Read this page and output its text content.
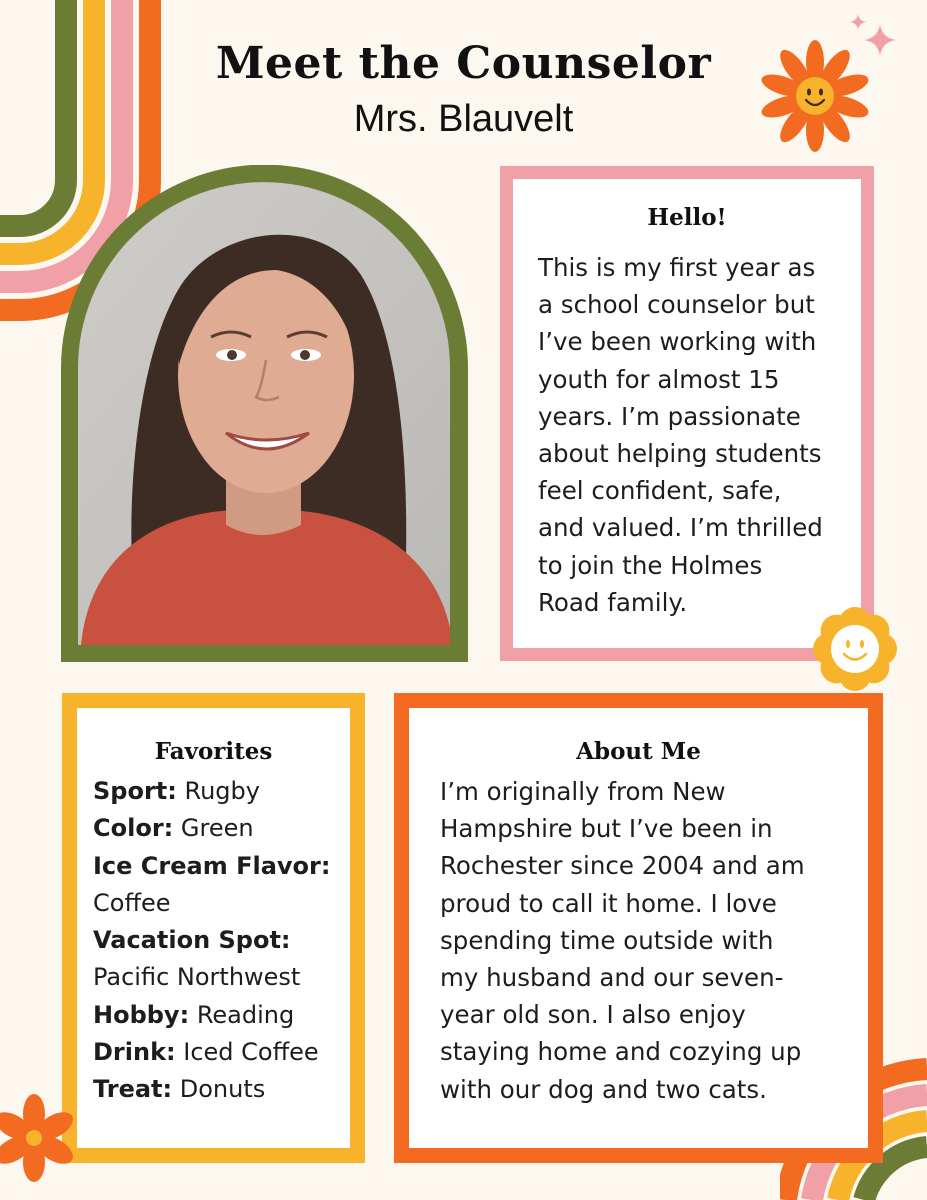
Meet the Counselor
Mrs. Blauvelt
Hello!
This is my first year as
a school counselor but
I’ve been working with
youth for almost 15
years. I’m passionate
about helping students
feel confident, safe,
and valued. I’m thrilled
to join the Holmes
Road family.
Favorites
Sport: Rugby
Color: Green
Ice Cream Flavor:
Coffee
Vacation Spot:
Pacific Northwest
Hobby: Reading
Drink: Iced Coffee
Treat: Donuts
About Me
I’m originally from New
Hampshire but I’ve been in
Rochester since 2004 and am
proud to call it home. I love
spending time outside with
my husband and our seven-
year old son. I also enjoy
staying home and cozying up
with our dog and two cats.
